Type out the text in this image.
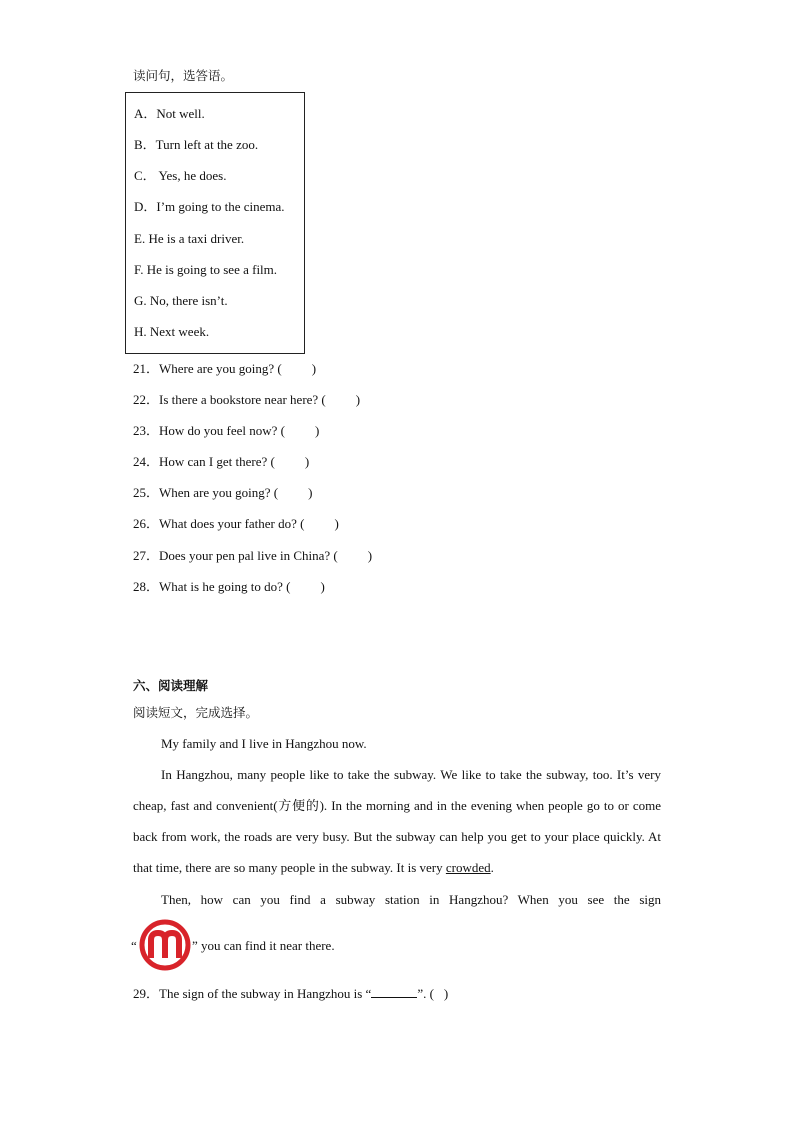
读问句，选答语。
A．Not well.
B．Turn left at the zoo.
C． Yes, he does.
D．I’m going to the cinema.
E. He is a taxi driver.
F. He is going to see a film.
G. No, there isn’t.
H. Next week.
21．Where are you going? ( )
22．Is there a bookstore near here? ( )
23．How do you feel now? ( )
24．How can I get there? ( )
25．When are you going? ( )
26．What does your father do? ( )
27．Does your pen pal live in China? ( )
28．What is he going to do? ( )
六、阅读理解
阅读短文，完成选择。
My family and I live in Hangzhou now.
In Hangzhou, many people like to take the subway. We like to take the subway, too. It’s very cheap, fast and convenient(方便的). In the morning and in the evening when people go to or come back from work, the roads are very busy. But the subway can help you get to your place quickly. At that time, there are so many people in the subway. It is very crowded.
Then, how can you find a subway station in Hangzhou? When you see the sign
“	” you can find it near there.
29．The sign of the subway in Hangzhou is “	”. ( )
